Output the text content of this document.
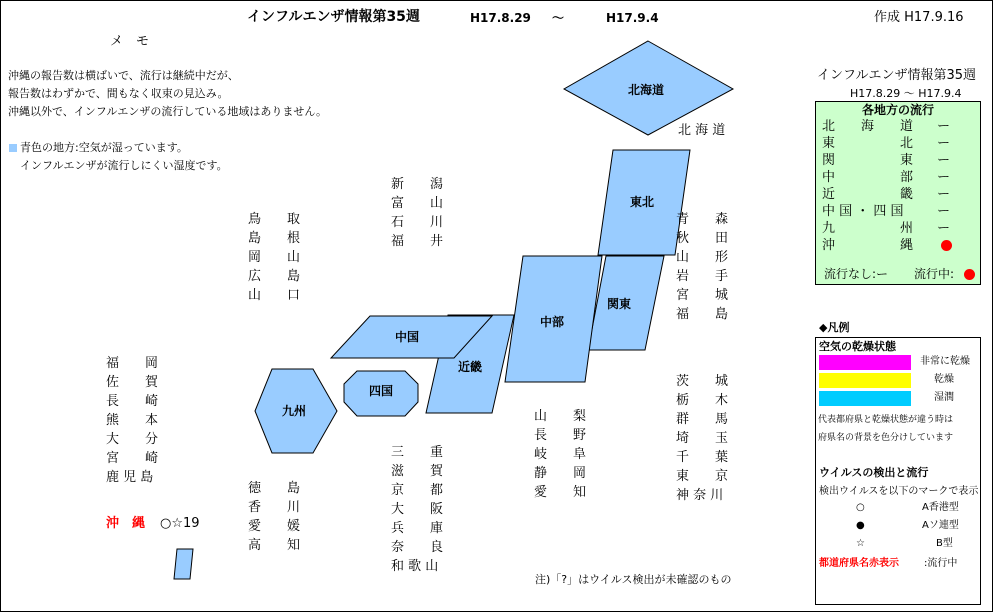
インフルエンザ情報第35週	H17.8.29 ～	H17.9.4	作成 H17.9.16
メ　モ
沖縄の報告数は横ばいで、流行は継続中だが、
報告数はわずかで、間もなく収束の見込み。
沖縄以外で、インフルエンザの流行している地域はありません。
青色の地方:空気が湿っています。
インフルエンザが流行しにくい湿度です。
北海道
東北
関東
中部
近畿
中国
四国
九州
北 海 道
青　　森
秋　　田
山　　形
岩　　手
宮　　城
福　　島
新　　潟
富　　山
石　　川
福　　井
鳥　　取
島　　根
岡　　山
広　　島
山　　口
福　　岡
佐　　賀
長　　崎
熊　　本
大　　分
宮　　崎
鹿 児 島
茨　　城
栃　　木
群　　馬
埼　　玉
千　　葉
東　　京
神 奈 川
山　　梨
長　　野
岐　　阜
静　　岡
愛　　知
三　　重
滋　　賀
京　　都
大　　阪
兵　　庫
奈　　良
和 歌 山
徳　　島
香　　川
愛　　媛
高　　知
沖　縄 ○☆19
注)「?」はウイルス検出が未確認のもの
インフルエンザ情報第35週
H17.8.29 ～ H17.9.4
各地方の流行
北　　海　　道 ー
東　　　　　北 ー
関　　　　　東 ー
中　　　　　部 ー
近　　　　　畿 ー
中 国 ・ 四 国	ー
九　　　　　州 ー
沖　　　　　縄
流行なし:ー 流行中:
◆凡例
空気の乾燥状態
非常に乾燥
乾燥
湿潤
代表都府県と乾燥状態が違う時は
府県名の背景を色分けしています
ウイルスの検出と流行
検出ウイルスを以下のマークで表示
○	A香港型
●	Aソ連型
☆	B型
都道府県名赤表示	:流行中
